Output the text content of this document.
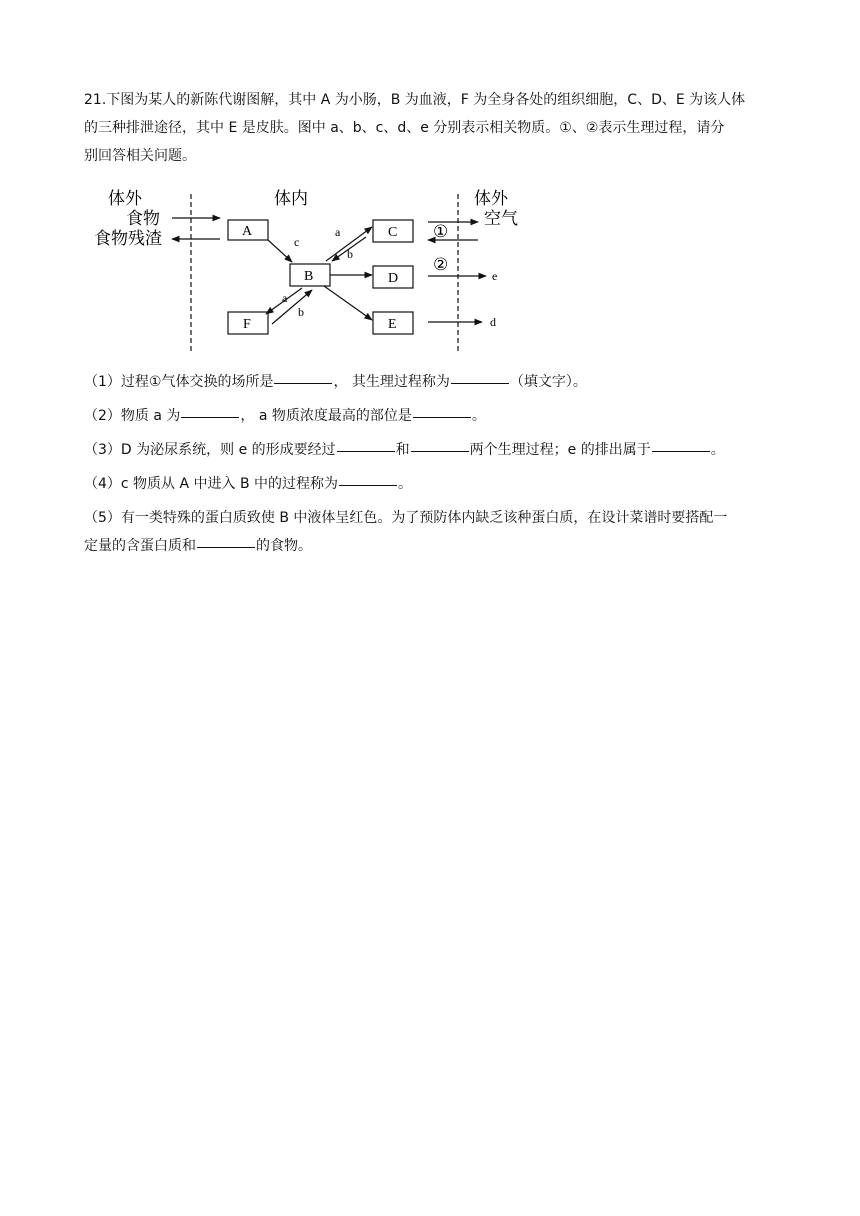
21.下图为某人的新陈代谢图解，其中 A 为小肠，B 为血液，F 为全身各处的组织细胞，C、D、E 为该人体

的三种排泄途径，其中 E 是皮肤。图中 a、b、c、d、e 分别表示相关物质。①、②表示生理过程，请分

别回答相关问题。

体外	体内	体外
食物
食物残渣
空气
A
B
C
D
E
F
c
a
b
①
②
e
d
a
b
（1）过程①气体交换的场所是	， 其生理过程称为	（填文字）。
（2）物质 a 为	， a 物质浓度最高的部位是	。
（3）D 为泌尿系统，则 e 的形成要经过	和	两个生理过程；e 的排出属于	。
（4）c 物质从 A 中进入 B 中的过程称为	。
（5）有一类特殊的蛋白质致使 B 中液体呈红色。为了预防体内缺乏该种蛋白质，在设计菜谱时要搭配一
定量的含蛋白质和	的食物。
